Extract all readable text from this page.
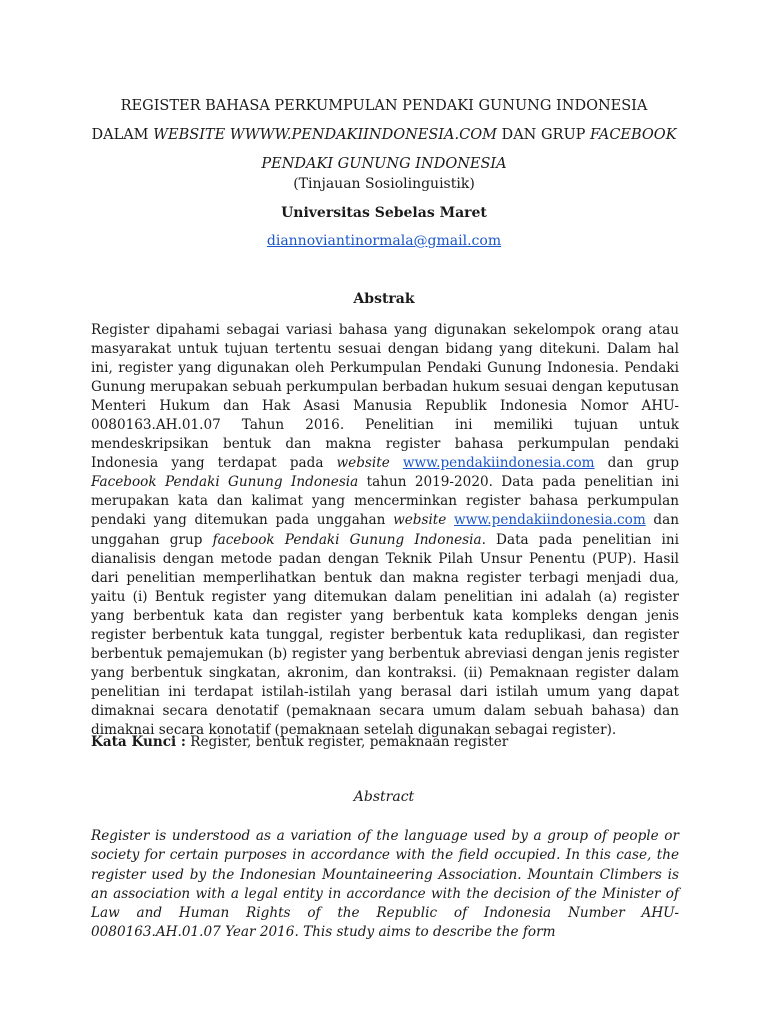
REGISTER BAHASA PERKUMPULAN PENDAKI GUNUNG INDONESIA
DALAM WEBSITE WWWW.PENDAKIINDONESIA.COM DAN GRUP FACEBOOK
PENDAKI GUNUNG INDONESIA
(Tinjauan Sosiolinguistik)
Universitas Sebelas Maret
diannoviantinormala@gmail.com
Abstrak

Register dipahami sebagai variasi bahasa yang digunakan sekelompok orang atau masyarakat untuk tujuan tertentu sesuai dengan bidang yang ditekuni. Dalam hal ini, register yang digunakan oleh Perkumpulan Pendaki Gunung Indonesia. Pendaki Gunung merupakan sebuah perkumpulan berbadan hukum sesuai dengan keputusan Menteri Hukum dan Hak Asasi Manusia Republik Indonesia Nomor AHU-0080163.AH.01.07 Tahun 2016. Penelitian ini memiliki tujuan untuk mendeskripsikan bentuk dan makna register bahasa perkumpulan pendaki Indonesia yang terdapat pada website www.pendakiindonesia.com dan grup Facebook Pendaki Gunung Indonesia tahun 2019-2020. Data pada penelitian ini merupakan kata dan kalimat yang mencerminkan register bahasa perkumpulan pendaki yang ditemukan pada unggahan website www.pendakiindonesia.com dan unggahan grup facebook Pendaki Gunung Indonesia. Data pada penelitian ini dianalisis dengan metode padan dengan Teknik Pilah Unsur Penentu (PUP). Hasil dari penelitian memperlihatkan bentuk dan makna register terbagi menjadi dua, yaitu (i) Bentuk register yang ditemukan dalam penelitian ini adalah (a) register yang berbentuk kata dan register yang berbentuk kata kompleks dengan jenis register berbentuk kata tunggal, register berbentuk kata reduplikasi, dan register berbentuk pemajemukan (b) register yang berbentuk abreviasi dengan jenis register yang berbentuk singkatan, akronim, dan kontraksi. (ii) Pemaknaan register dalam penelitian ini terdapat istilah-istilah yang berasal dari istilah umum yang dapat dimaknai secara denotatif (pemaknaan secara umum dalam sebuah bahasa) dan dimaknai secara konotatif (pemaknaan setelah digunakan sebagai register).

Kata Kunci : Register, bentuk register, pemaknaan register
Abstract

Register is understood as a variation of the language used by a group of people or society for certain purposes in accordance with the field occupied. In this case, the register used by the Indonesian Mountaineering Association. Mountain Climbers is an association with a legal entity in accordance with the decision of the Minister of Law and Human Rights of the Republic of Indonesia Number AHU-0080163.AH.01.07 Year 2016. This study aims to describe the form
